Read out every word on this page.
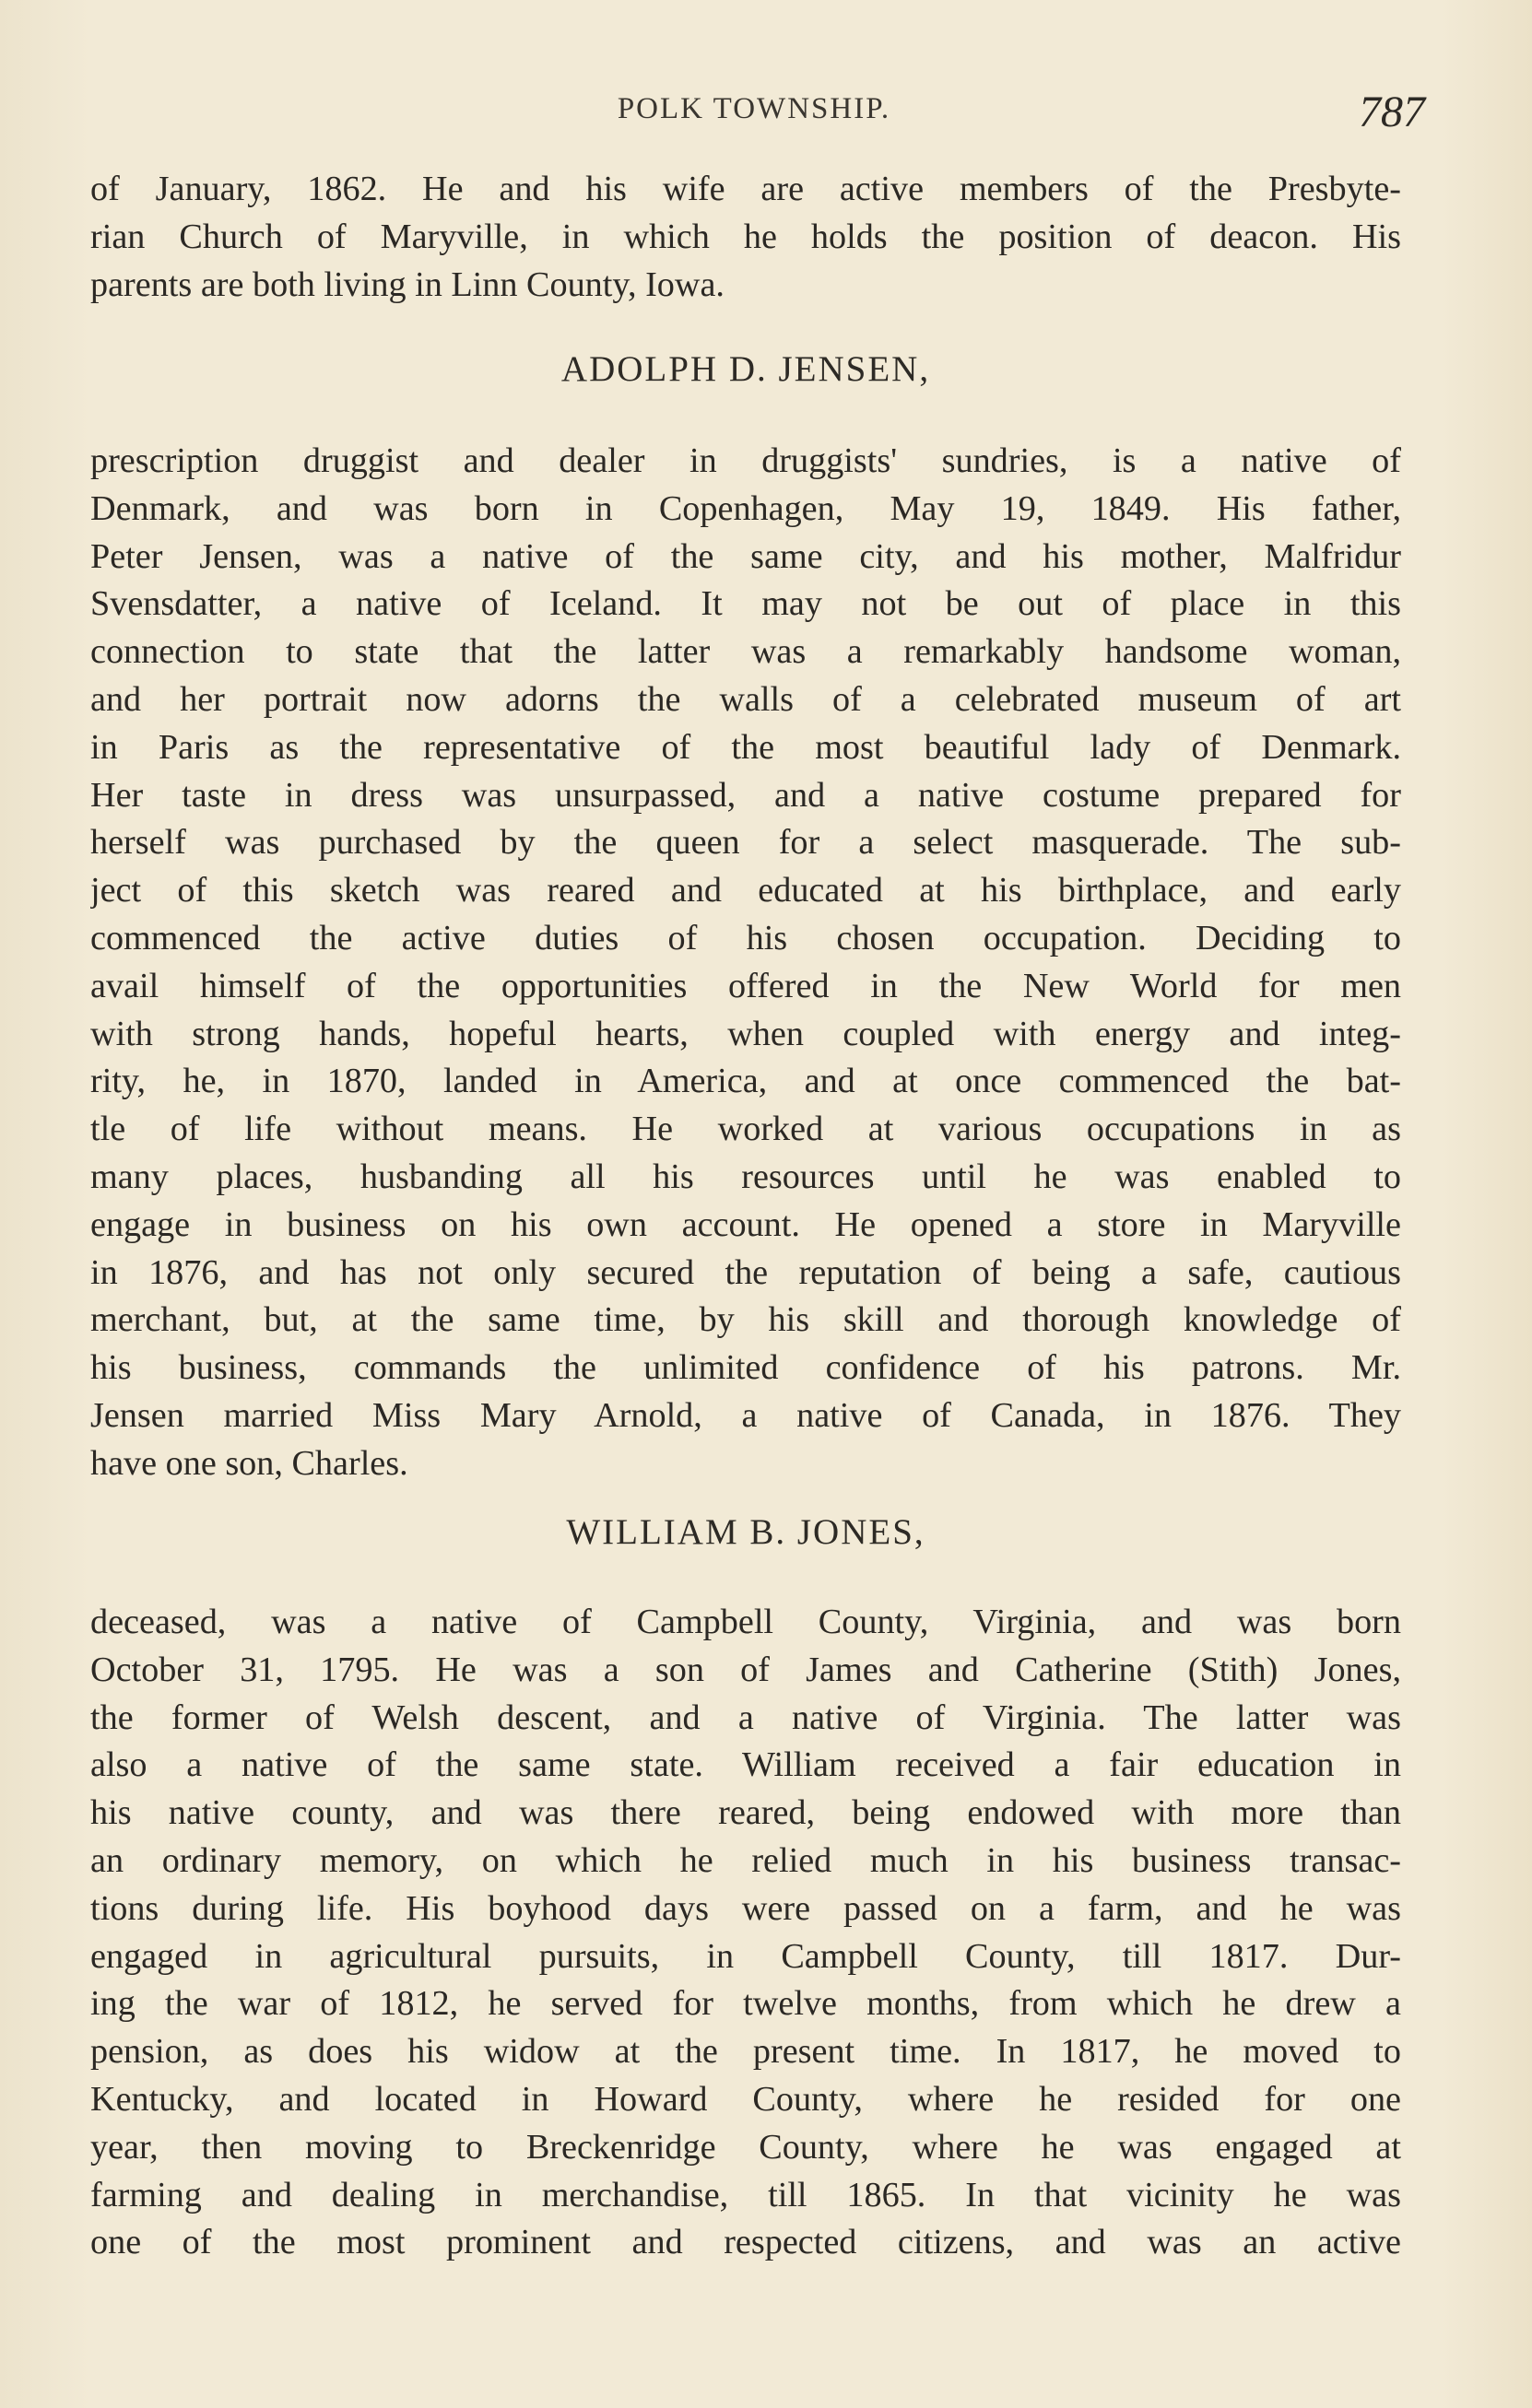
POLK TOWNSHIP.	787
of January, 1862. He and his wife are active members of the Presbyte-
rian Church of Maryville, in which he holds the position of deacon. His
parents are both living in Linn County, Iowa.
ADOLPH D. JENSEN,
prescription druggist and dealer in druggists' sundries, is a native of
Denmark, and was born in Copenhagen, May 19, 1849. His father,
Peter Jensen, was a native of the same city, and his mother, Malfridur
Svensdatter, a native of Iceland. It may not be out of place in this
connection to state that the latter was a remarkably handsome woman,
and her portrait now adorns the walls of a celebrated museum of art
in Paris as the representative of the most beautiful lady of Denmark.
Her taste in dress was unsurpassed, and a native costume prepared for
herself was purchased by the queen for a select masquerade. The sub-
ject of this sketch was reared and educated at his birthplace, and early
commenced the active duties of his chosen occupation. Deciding to
avail himself of the opportunities offered in the New World for men
with strong hands, hopeful hearts, when coupled with energy and integ-
rity, he, in 1870, landed in America, and at once commenced the bat-
tle of life without means. He worked at various occupations in as
many places, husbanding all his resources until he was enabled to
engage in business on his own account. He opened a store in Maryville
in 1876, and has not only secured the reputation of being a safe, cautious
merchant, but, at the same time, by his skill and thorough knowledge of
his business, commands the unlimited confidence of his patrons. Mr.
Jensen married Miss Mary Arnold, a native of Canada, in 1876. They
have one son, Charles.
WILLIAM B. JONES,
deceased, was a native of Campbell County, Virginia, and was born
October 31, 1795. He was a son of James and Catherine (Stith) Jones,
the former of Welsh descent, and a native of Virginia. The latter was
also a native of the same state. William received a fair education in
his native county, and was there reared, being endowed with more than
an ordinary memory, on which he relied much in his business transac-
tions during life. His boyhood days were passed on a farm, and he was
engaged in agricultural pursuits, in Campbell County, till 1817. Dur-
ing the war of 1812, he served for twelve months, from which he drew a
pension, as does his widow at the present time. In 1817, he moved to
Kentucky, and located in Howard County, where he resided for one
year, then moving to Breckenridge County, where he was engaged at
farming and dealing in merchandise, till 1865. In that vicinity he was
one of the most prominent and respected citizens, and was an active
